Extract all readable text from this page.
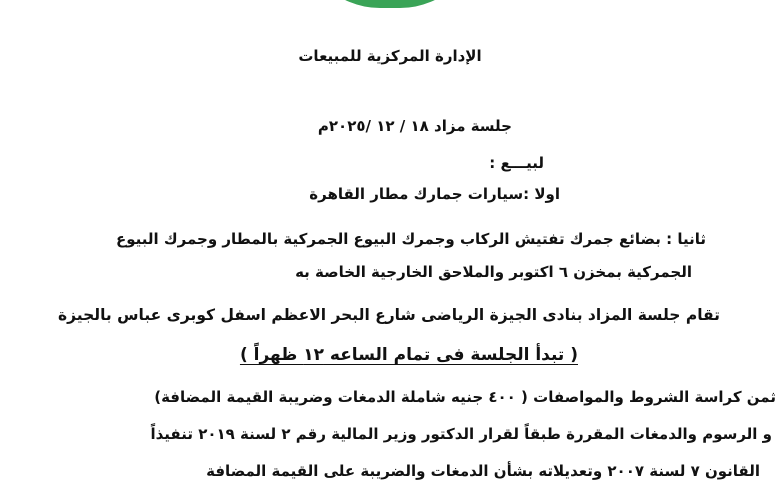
الإدارة المركزية للمبيعات
جلسة مزاد ١٨ / ١٢ /٢٠٢٥م
لبيـــع :
اولا :سيارات جمارك مطار القاهرة
ثانيا : بضائع جمرك تفتيش الركاب وجمرك البيوع الجمركية بالمطار وجمرك البيوع
الجمركية بمخزن ٦ اكتوبر والملاحق الخارجية الخاصة به
تقام جلسة المزاد بنادى الجيزة الرياضى شارع البحر الاعظم اسفل كوبرى عباس بالجيزة
( تبدأ الجلسة فى تمام الساعه ١٢ ظهراً )
ثمن كراسة الشروط والمواصفات ( ٤٠٠ جنيه شاملة الدمغات وضريبة القيمة المضافة)
و الرسوم والدمغات المقررة طبقاً لقرار الدكتور وزير المالية رقم ٢ لسنة ٢٠١٩ تنفيذاً
القانون ٧ لسنة ٢٠٠٧ وتعديلاته بشأن الدمغات والضريبة على القيمة المضافة
